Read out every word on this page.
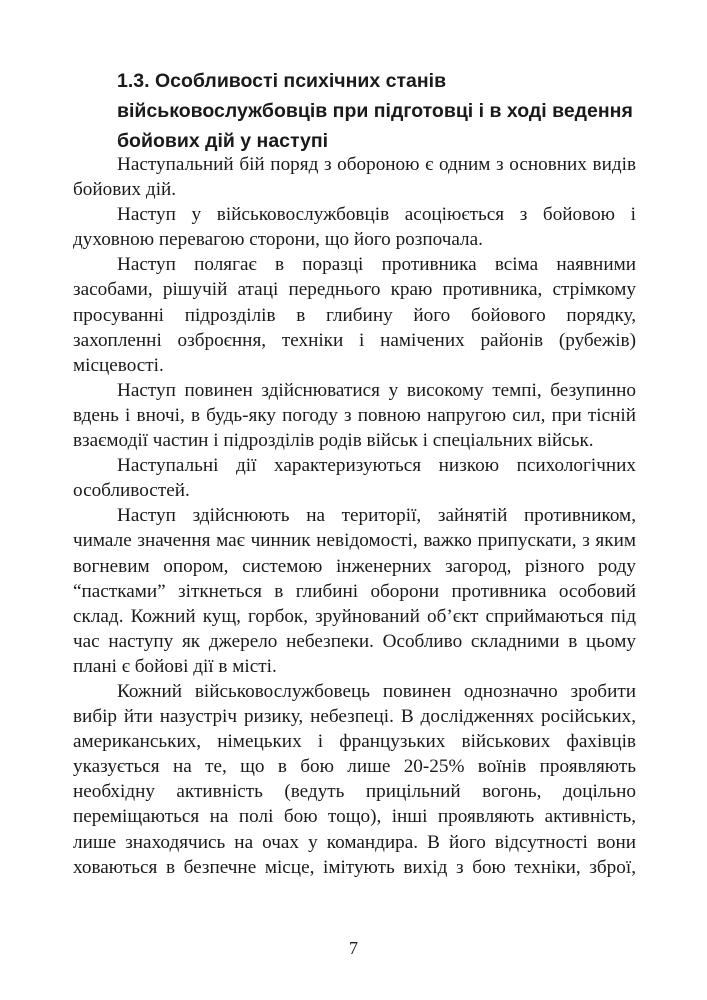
1.3. Особливості психічних станів
військовослужбовців при підготовці і в ході ведення
бойових дій у наступі
Наступальний бій поряд з обороною є одним з основних видів
бойових дій.
Наступ у військовослужбовців асоціюється з бойовою і
духовною перевагою сторони, що його розпочала.
Наступ полягає в поразці противника всіма наявними
засобами, рішучій атаці переднього краю противника, стрімкому
просуванні підрозділів в глибину його бойового порядку,
захопленні озброєння, техніки і намічених районів (рубежів)
місцевості.
Наступ повинен здійснюватися у високому темпі, безупинно
вдень і вночі, в будь-яку погоду з повною напругою сил, при тісній
взаємодії частин і підрозділів родів військ і спеціальних військ.
Наступальні дії характеризуються низкою психологічних
особливостей.
Наступ здійснюють на території, зайнятій противником,
чимале значення має чинник невідомості, важко припускати, з яким
вогневим опором, системою інженерних загород, різного роду
“пастками” зіткнеться в глибині оборони противника особовий
склад. Кожний кущ, горбок, зруйнований об’єкт сприймаються під
час наступу як джерело небезпеки. Особливо складними в цьому
плані є бойові дії в місті.
Кожний військовослужбовець повинен однозначно зробити
вибір йти назустріч ризику, небезпеці. В дослідженнях російських,
американських, німецьких і французьких військових фахівців
указується на те, що в бою лише 20-25% воїнів проявляють
необхідну активність (ведуть прицільний вогонь, доцільно
переміщаються на полі бою тощо), інші проявляють активність,
лише знаходячись на очах у командира. В його відсутності вони
ховаються в безпечне місце, імітують вихід з бою техніки, зброї,
7
